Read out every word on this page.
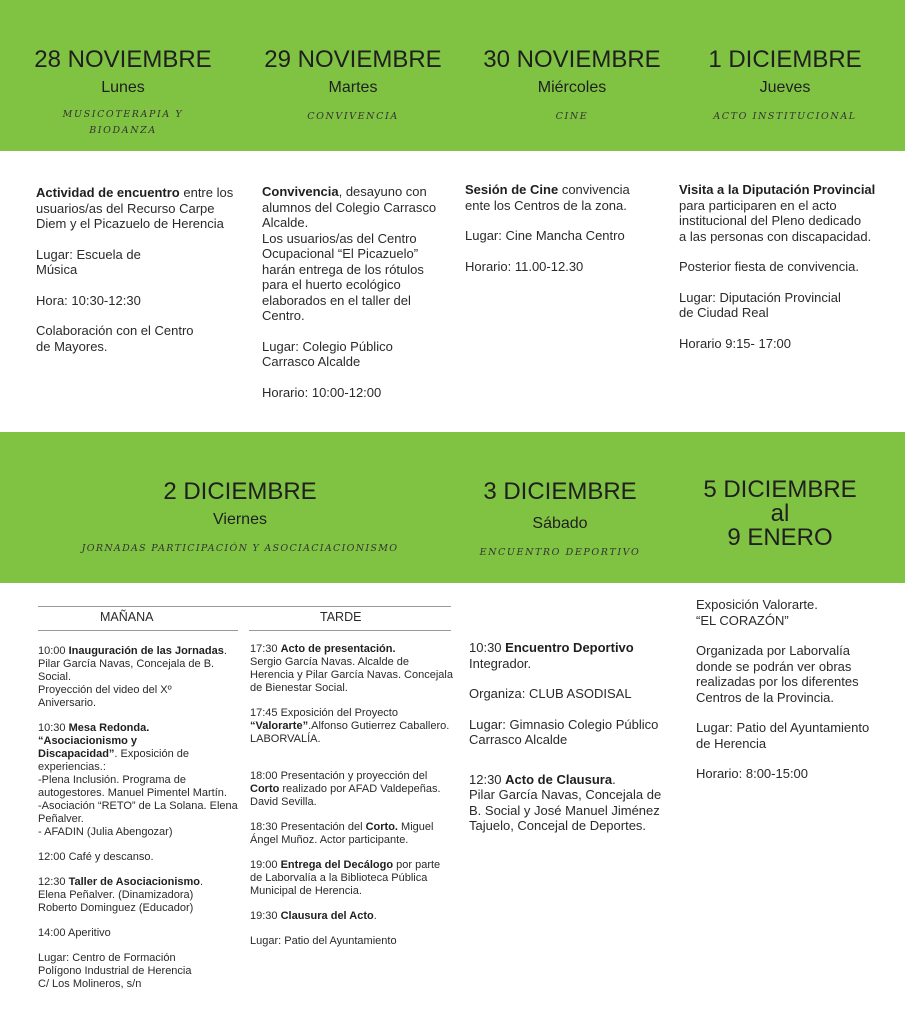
28 NOVIEMBRE
Lunes
MUSICOTERAPIA Y
BIODANZA
29 NOVIEMBRE
Martes
CONVIVENCIA
30 NOVIEMBRE
Miércoles
CINE
1 DICIEMBRE
Jueves
ACTO INSTITUCIONAL

Actividad de encuentro entre los usuarios/as del Recurso Carpe Diem y el Picazuelo de Herencia

Lugar: Escuela de
Música

Hora: 10:30-12:30

Colaboración con el Centro
de Mayores.

Convivencia, desayuno con alumnos del Colegio Carrasco Alcalde.
Los usuarios/as del Centro Ocupacional “El Picazuelo” harán entrega de los rótulos para el huerto ecológico elaborados en el taller del Centro.

Lugar: Colegio Público
Carrasco Alcalde

Horario: 10:00-12:00

Sesión de Cine convivencia ente los Centros de la zona.

Lugar: Cine Mancha Centro

Horario: 11.00-12.30

Visita a la Diputación Provincial
para participaren en el acto
institucional del Pleno dedicado
a las personas con discapacidad.

Posterior fiesta de convivencia.

Lugar: Diputación Provincial
de Ciudad Real

Horario 9:15- 17:00

2 DICIEMBRE
Viernes
JORNADAS PARTICIPACIÓN Y ASOCIACIACIONISMO
3 DICIEMBRE
Sábado
ENCUENTRO DEPORTIVO
5 DICIEMBRE
al
9 ENERO
MAÑANA	TARDE

10:00 Inauguración de las Jornadas. Pilar García Navas, Concejala de B. Social.
Proyección del video del Xº
Aniversario.

10:30 Mesa Redonda.
“Asociacionismo y
Discapacidad”. Exposición de experiencias.:
-Plena Inclusión. Programa de autogestores. Manuel Pimentel Martín.
-Asociación “RETO” de La Solana. Elena Peñalver.
- AFADIN (Julia Abengozar)

12:00 Café y descanso.

12:30 Taller de Asociacionismo.
Elena Peñalver. (Dinamizadora)
Roberto Dominguez (Educador)

14:00 Aperitivo

Lugar: Centro de Formación
Polígono Industrial de Herencia
C/ Los Molineros, s/n

17:30 Acto de presentación.
Sergio García Navas. Alcalde de Herencia y Pilar García Navas. Concejala de Bienestar Social.

17:45 Exposición del Proyecto
“Valorarte”.Alfonso Gutierrez Caballero. LABORVALÍA.

18:00 Presentación y proyección del Corto realizado por AFAD Valdepeñas. David Sevilla.

18:30 Presentación del Corto. Miguel Ángel Muñoz. Actor participante.

19:00 Entrega del Decálogo por parte de Laborvalía a la Biblioteca Pública Municipal de Herencia.

19:30 Clausura del Acto.

Lugar: Patio del Ayuntamiento

10:30 Encuentro Deportivo
Integrador.

Organiza: CLUB ASODISAL

Lugar: Gimnasio Colegio Público
Carrasco Alcalde

12:30 Acto de Clausura.
Pilar García Navas, Concejala de B. Social y José Manuel Jiménez Tajuelo, Concejal de Deportes.

Exposición Valorarte.
“EL CORAZÓN”

Organizada por Laborvalía
donde se podrán ver obras
realizadas por los diferentes
Centros de la Provincia.

Lugar: Patio del Ayuntamiento
de Herencia

Horario: 8:00-15:00
